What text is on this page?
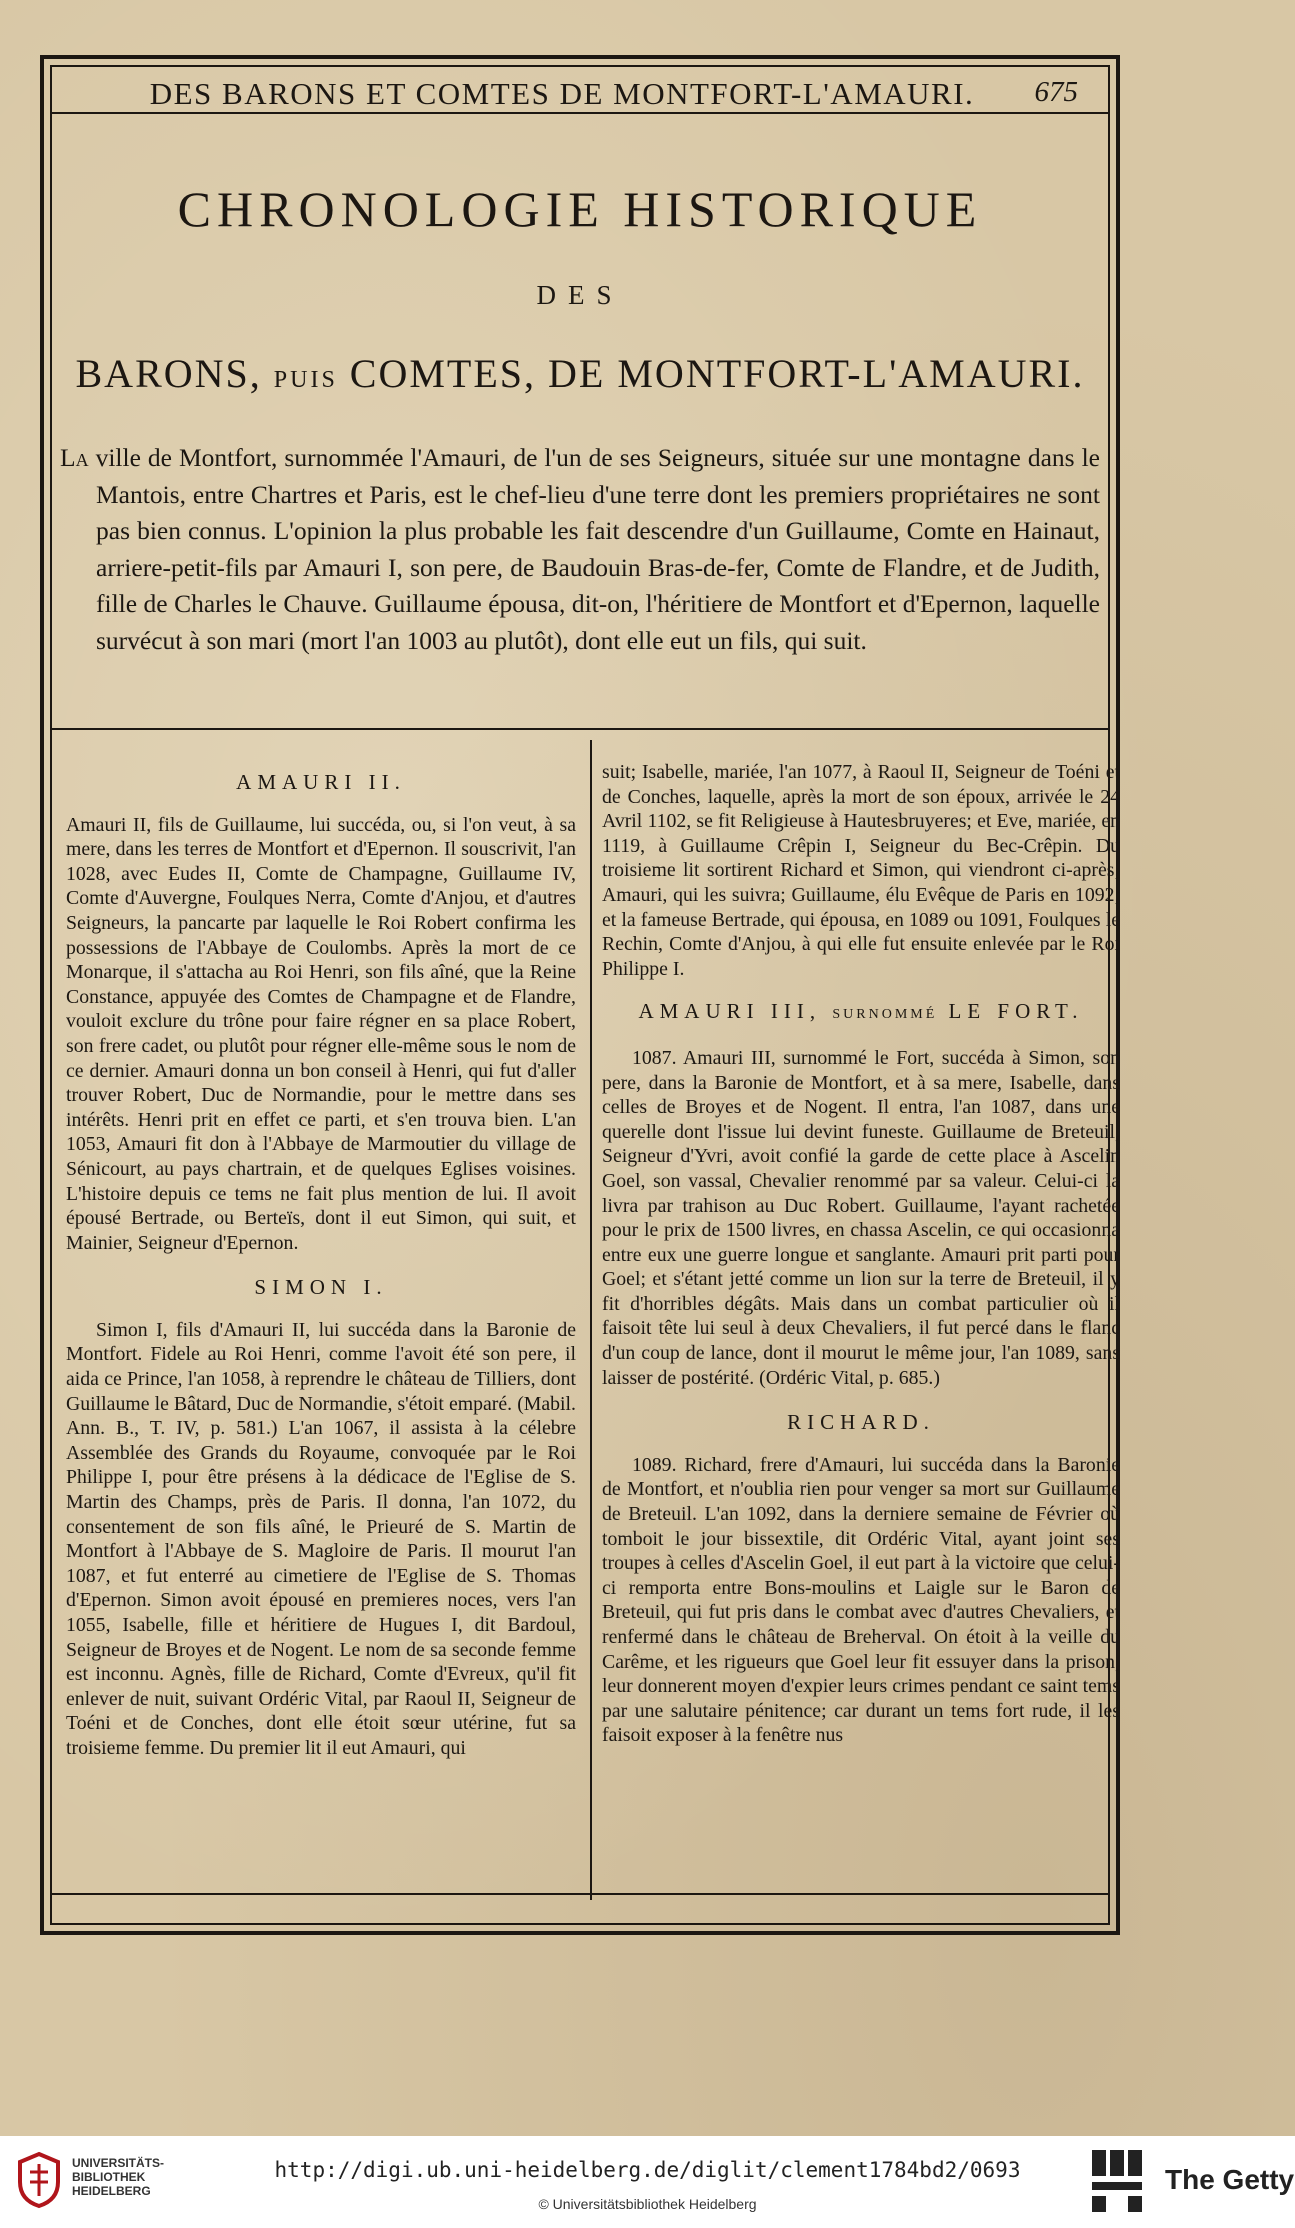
DES BARONS ET COMTES DE MONTFORT-L'AMAURI.	675
CHRONOLOGIE HISTORIQUE
DES
BARONS, PUIS COMTES, DE MONTFORT-L'AMAURI.

La ville de Montfort, surnommée l'Amauri, de l'un de ses Seigneurs, située sur une montagne dans le Mantois, entre Chartres et Paris, est le chef-lieu d'une terre dont les premiers propriétaires ne sont pas bien connus. L'opinion la plus probable les fait descendre d'un Guillaume, Comte en Hainaut, arriere-petit-fils par Amauri I, son pere, de Baudouin Bras-de-fer, Comte de Flandre, et de Judith, fille de Charles le Chauve. Guillaume épousa, dit-on, l'héritiere de Montfort et d'Epernon, laquelle survécut à son mari (mort l'an 1003 au plutôt), dont elle eut un fils, qui suit.

AMAURI II.

Amauri II, fils de Guillaume, lui succéda, ou, si l'on veut, à sa mere, dans les terres de Montfort et d'Epernon. Il souscrivit, l'an 1028, avec Eudes II, Comte de Champagne, Guillaume IV, Comte d'Auvergne, Foulques Nerra, Comte d'Anjou, et d'autres Seigneurs, la pancarte par laquelle le Roi Robert confirma les possessions de l'Abbaye de Coulombs. Après la mort de ce Monarque, il s'attacha au Roi Henri, son fils aîné, que la Reine Constance, appuyée des Comtes de Champagne et de Flandre, vouloit exclure du trône pour faire régner en sa place Robert, son frere cadet, ou plutôt pour régner elle-même sous le nom de ce dernier. Amauri donna un bon conseil à Henri, qui fut d'aller trouver Robert, Duc de Normandie, pour le mettre dans ses intérêts. Henri prit en effet ce parti, et s'en trouva bien. L'an 1053, Amauri fit don à l'Abbaye de Marmoutier du village de Sénicourt, au pays chartrain, et de quelques Eglises voisines. L'histoire depuis ce tems ne fait plus mention de lui. Il avoit épousé Bertrade, ou Berteïs, dont il eut Simon, qui suit, et Mainier, Seigneur d'Epernon.

SIMON I.

Simon I, fils d'Amauri II, lui succéda dans la Baronie de Montfort. Fidele au Roi Henri, comme l'avoit été son pere, il aida ce Prince, l'an 1058, à reprendre le château de Tilliers, dont Guillaume le Bâtard, Duc de Normandie, s'étoit emparé. (Mabil. Ann. B., T. IV, p. 581.) L'an 1067, il assista à la célebre Assemblée des Grands du Royaume, convoquée par le Roi Philippe I, pour être présens à la dédicace de l'Eglise de S. Martin des Champs, près de Paris. Il donna, l'an 1072, du consentement de son fils aîné, le Prieuré de S. Martin de Montfort à l'Abbaye de S. Magloire de Paris. Il mourut l'an 1087, et fut enterré au cimetiere de l'Eglise de S. Thomas d'Epernon. Simon avoit épousé en premieres noces, vers l'an 1055, Isabelle, fille et héritiere de Hugues I, dit Bardoul, Seigneur de Broyes et de Nogent. Le nom de sa seconde femme est inconnu. Agnès, fille de Richard, Comte d'Evreux, qu'il fit enlever de nuit, suivant Ordéric Vital, par Raoul II, Seigneur de Toéni et de Conches, dont elle étoit sœur utérine, fut sa troisieme femme. Du premier lit il eut Amauri, qui

suit; Isabelle, mariée, l'an 1077, à Raoul II, Seigneur de Toéni et de Conches, laquelle, après la mort de son époux, arrivée le 24 Avril 1102, se fit Religieuse à Hautesbruyeres; et Eve, mariée, en 1119, à Guillaume Crêpin I, Seigneur du Bec-Crêpin. Du troisieme lit sortirent Richard et Simon, qui viendront ci-après; Amauri, qui les suivra; Guillaume, élu Evêque de Paris en 1092; et la fameuse Bertrade, qui épousa, en 1089 ou 1091, Foulques le Rechin, Comte d'Anjou, à qui elle fut ensuite enlevée par le Roi Philippe I.

AMAURI III, SURNOMMÉ LE FORT.

1087. Amauri III, surnommé le Fort, succéda à Simon, son pere, dans la Baronie de Montfort, et à sa mere, Isabelle, dans celles de Broyes et de Nogent. Il entra, l'an 1087, dans une querelle dont l'issue lui devint funeste. Guillaume de Breteuil, Seigneur d'Yvri, avoit confié la garde de cette place à Ascelin Goel, son vassal, Chevalier renommé par sa valeur. Celui-ci la livra par trahison au Duc Robert. Guillaume, l'ayant rachetée pour le prix de 1500 livres, en chassa Ascelin, ce qui occasionna entre eux une guerre longue et sanglante. Amauri prit parti pour Goel; et s'étant jetté comme un lion sur la terre de Breteuil, il y fit d'horribles dégâts. Mais dans un combat particulier où il faisoit tête lui seul à deux Chevaliers, il fut percé dans le flanc d'un coup de lance, dont il mourut le même jour, l'an 1089, sans laisser de postérité. (Ordéric Vital, p. 685.)

RICHARD.

1089. Richard, frere d'Amauri, lui succéda dans la Baronie de Montfort, et n'oublia rien pour venger sa mort sur Guillaume de Breteuil. L'an 1092, dans la derniere semaine de Février où tomboit le jour bissextile, dit Ordéric Vital, ayant joint ses troupes à celles d'Ascelin Goel, il eut part à la victoire que celui-ci remporta entre Bons-moulins et Laigle sur le Baron de Breteuil, qui fut pris dans le combat avec d'autres Chevaliers, et renfermé dans le château de Breherval. On étoit à la veille du Carême, et les rigueurs que Goel leur fit essuyer dans la prison, leur donnerent moyen d'expier leurs crimes pendant ce saint tems par une salutaire pénitence; car durant un tems fort rude, il les faisoit exposer à la fenêtre nus

UNIVERSITÄTS-
BIBLIOTHEK
HEIDELBERG
http://digi.ub.uni-heidelberg.de/diglit/clement1784bd2/0693
© Universitätsbibliothek Heidelberg
The Getty
